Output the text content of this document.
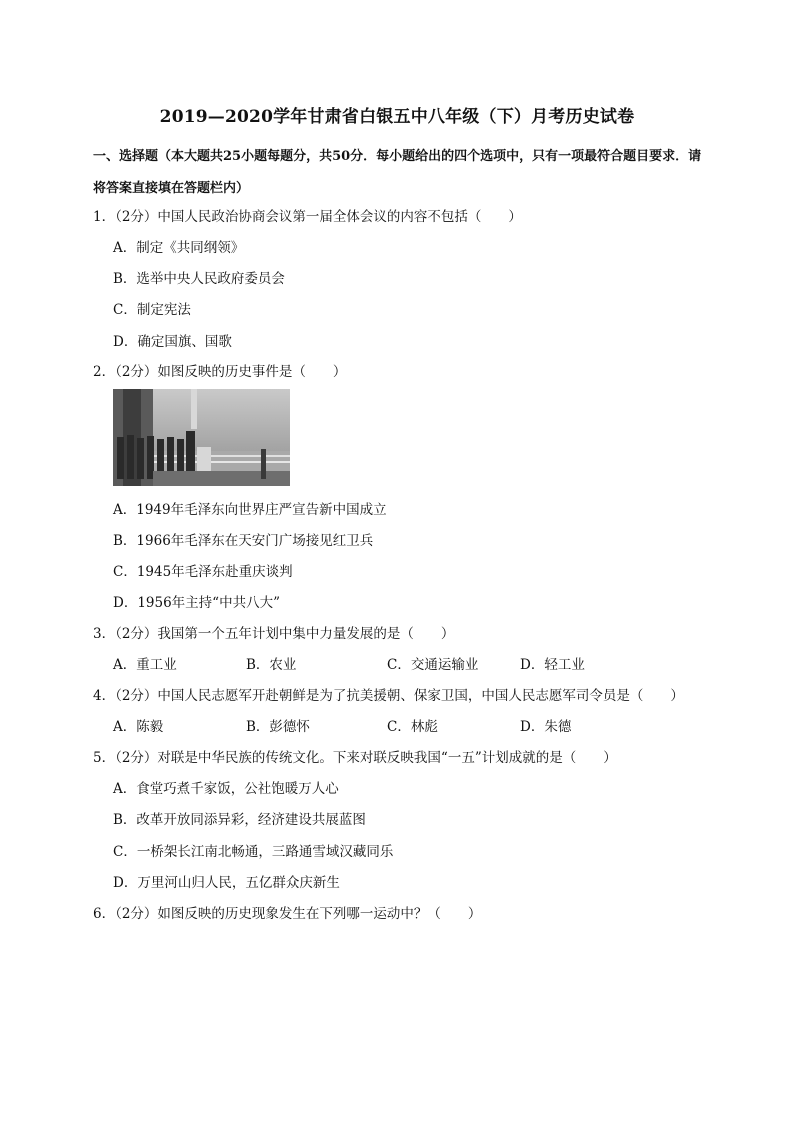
2019—2020学年甘肃省白银五中八年级（下）月考历史试卷
一、选择题（本大题共25小题每题分，共50分．每小题给出的四个选项中，只有一项最符合题目要求．请将答案直接填在答题栏内）
1．（2分）中国人民政治协商会议第一届全体会议的内容不包括（　　）
A．制定《共同纲领》
B．选举中央人民政府委员会
C．制定宪法
D．确定国旗、国歌
2．（2分）如图反映的历史事件是（　　）
A．1949年毛泽东向世界庄严宣告新中国成立
B．1966年毛泽东在天安门广场接见红卫兵
C．1945年毛泽东赴重庆谈判
D．1956年主持“中共八大”
3．（2分）我国第一个五年计划中集中力量发展的是（　　）
A．重工业	B．农业	C．交通运输业	D．轻工业
4．（2分）中国人民志愿军开赴朝鲜是为了抗美援朝、保家卫国，中国人民志愿军司令员是（　　）
A．陈毅	B．彭德怀	C．林彪	D．朱德
5．（2分）对联是中华民族的传统文化。下来对联反映我国“一五”计划成就的是（　　）
A．食堂巧煮千家饭，公社饱暖万人心
B．改革开放同添异彩，经济建设共展蓝图
C．一桥架长江南北畅通，三路通雪域汉藏同乐
D．万里河山归人民，五亿群众庆新生
6．（2分）如图反映的历史现象发生在下列哪一运动中？（　　）
